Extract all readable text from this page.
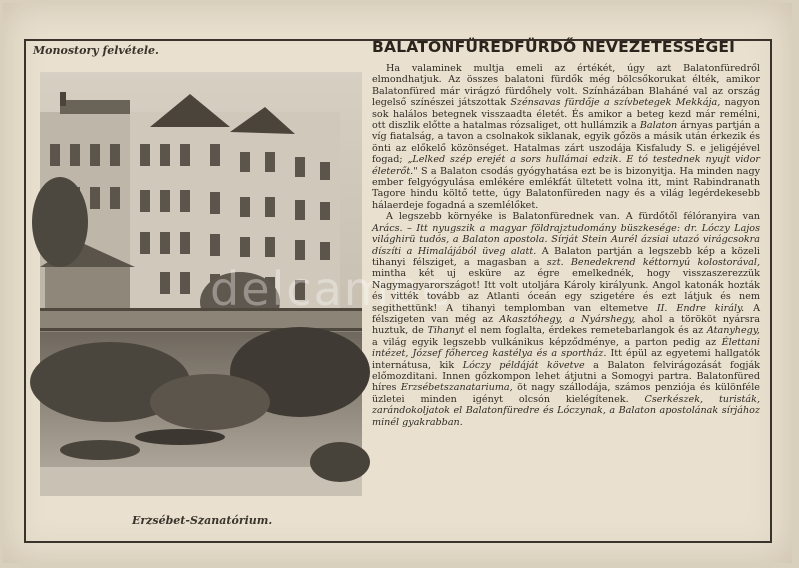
Monostory felvétele.
delcampe
Erzsébet-Szanatórium.
BALATONFÜREDFÜRDŐ NEVEZETESSÉGEI

Ha valaminek multja emeli az értékét, úgy azt Balatonfüredről elmondhatjuk. Az összes balatoni fürdők még bölcsőkorukat élték, amikor Balatonfüred már virágzó fürdőhely volt. Színházában Blaháné val az ország legelső színészei játszottak Szénsavas fürdője a szívbetegek Mekkája, nagyon sok halálos betegnek visszaadta életét. És amikor a beteg kezd már remélni, ott diszlik előtte a hatalmas rózsaliget, ott hullámzik a Balaton árnyas partján a víg fiatalság, a tavon a csolnakok siklanak, egyik gőzös a másik után érkezik és önti az előkelő közönséget. Hatalmas zárt uszodája Kisfaludy S. e jeligéjével fogad; „Lelked szép erejét a sors hullámai edzik. E tó testednek nyujt vidor életerőt." S a Balaton csodás gyógyhatása ezt be is bizonyitja. Ha minden nagy ember felgyógyulása emlékére emlékfát ültetett volna itt, mint Rabindranath Tagore hindu költő tette, úgy Balatonfüreden nagy és a világ legérdekesebb hálaerdeje fogadná a szemlélőket.

A legszebb környéke is Balatonfürednek van. A fürdőtől félóranyira van Arács. – Itt nyugszik a magyar földrajztudomány büszkesége: dr. Lóczy Lajos világhirü tudós, a Balaton apostola. Sírját Stein Aurél ázsiai utazó virágcsokra díszíti a Himalájából üveg alatt. A Balaton partján a legszebb kép a közeli tihanyi félsziget, a magasban a szt. Benedekrend kéttornyú kolostorával, mintha két uj esküre az égre emelkednék, hogy visszaszerezzük Nagymagyarországot! Itt volt utoljára Károly királyunk. Angol katonák hozták és vitték tovább az Atlanti óceán egy szigetére és ezt látjuk és nem segithettünk! A tihanyi templomban van eltemetve II. Endre király. A félszigeten van még az Akasztóhegy, a Nyárshegy, ahol a törököt nyársra huztuk, de Tihanyt el nem foglalta, érdekes remetebarlangok és az Atanyhegy, a világ egyik legszebb vulkánikus képződménye, a parton pedig az Élettani intézet, József főherceg kastélya és a sportház. Itt épül az egyetemi hallgatók internátusa, kik Lóczy példáját követve a Balaton felvirágozását fogják előmozditani. Innen gőzkompon lehet átjutni a Somogyi partra. Balatonfüred híres Erzsébetszanatariuma, öt nagy szállodája, számos penziója és különféle üzletei minden igényt olcsón kielégítenek. Cserkészek, turisták, zarándokoljatok el Balatonfüredre és Lóczynak, a Balaton apostolának sírjához minél gyakrabban.
